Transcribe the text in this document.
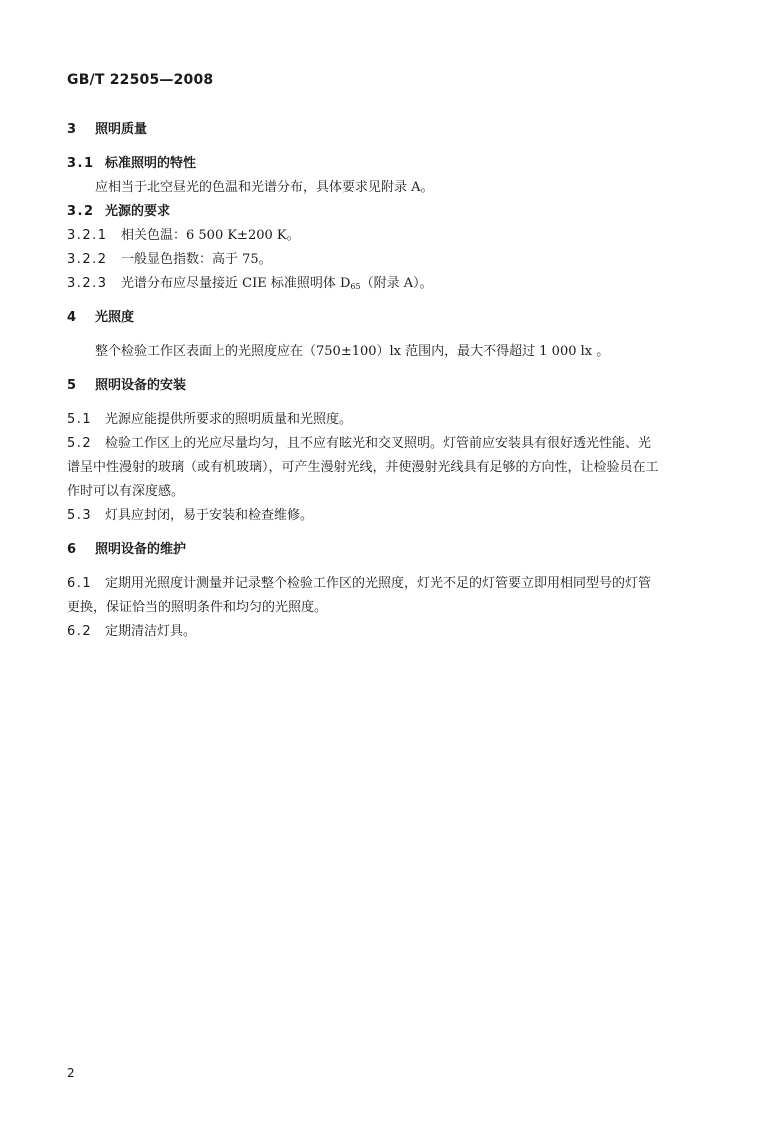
GB/T 22505—2008
3 照明质量
3.1 标准照明的特性
应相当于北空昼光的色温和光谱分布，具体要求见附录 A。
3.2 光源的要求
3.2.1 相关色温：6 500 K±200 K。
3.2.2 一般显色指数：高于 75。
3.2.3 光谱分布应尽量接近 CIE 标准照明体 $D_{65}$（附录 A）。
4 光照度
整个检验工作区表面上的光照度应在（750±100）lx 范围内，最大不得超过 1 000 lx 。
5 照明设备的安装
5.1 光源应能提供所要求的照明质量和光照度。
5.2 检验工作区上的光应尽量均匀，且不应有眩光和交叉照明。灯管前应安装具有很好透光性能、光
谱呈中性漫射的玻璃（或有机玻璃），可产生漫射光线，并使漫射光线具有足够的方向性，让检验员在工
作时可以有深度感。
5.3 灯具应封闭，易于安装和检查维修。
6 照明设备的维护
6.1 定期用光照度计测量并记录整个检验工作区的光照度，灯光不足的灯管要立即用相同型号的灯管
更换，保证恰当的照明条件和均匀的光照度。
6.2 定期清洁灯具。
2
